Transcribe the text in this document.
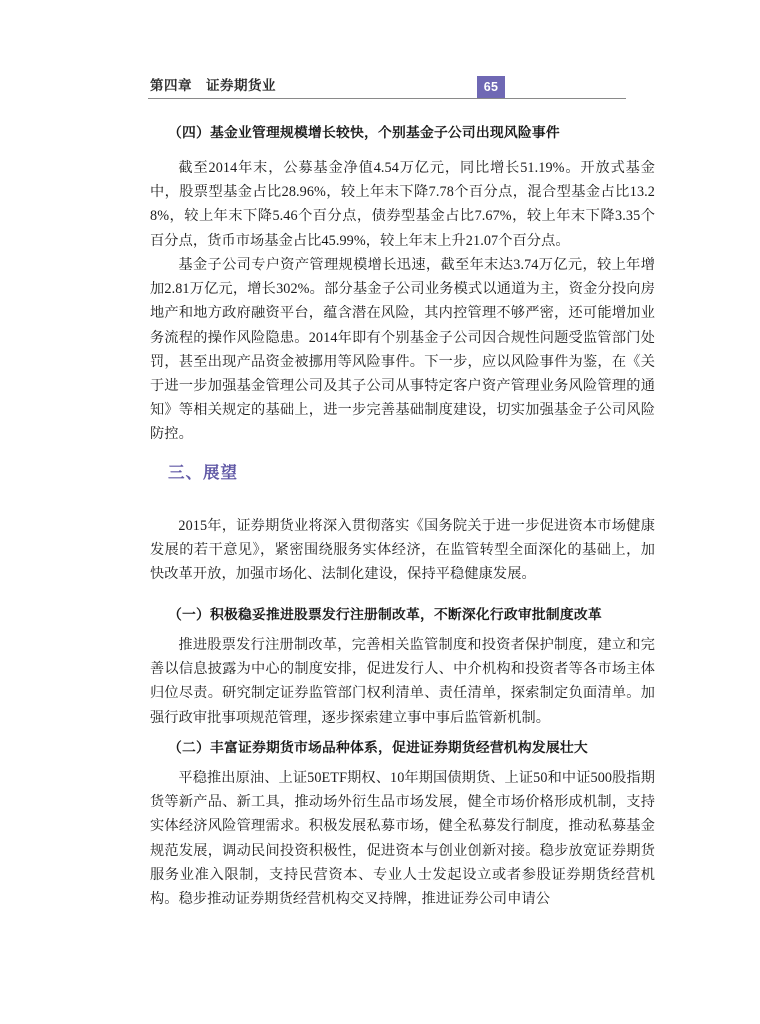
第四章 证券期货业	65
（四）基金业管理规模增长较快，个别基金子公司出现风险事件

截至2014年末，公募基金净值4.54万亿元，同比增长51.19%。开放式基金中，股票型基金占比28.96%，较上年末下降7.78个百分点，混合型基金占比13.28%，较上年末下降5.46个百分点，债券型基金占比7.67%，较上年末下降3.35个百分点，货币市场基金占比45.99%，较上年末上升21.07个百分点。

基金子公司专户资产管理规模增长迅速，截至年末达3.74万亿元，较上年增加2.81万亿元，增长302%。部分基金子公司业务模式以通道为主，资金分投向房地产和地方政府融资平台，蕴含潜在风险，其内控管理不够严密，还可能增加业务流程的操作风险隐患。2014年即有个别基金子公司因合规性问题受监管部门处罚，甚至出现产品资金被挪用等风险事件。下一步，应以风险事件为鉴，在《关于进一步加强基金管理公司及其子公司从事特定客户资产管理业务风险管理的通知》等相关规定的基础上，进一步完善基础制度建设，切实加强基金子公司风险防控。

三、展望

2015年，证券期货业将深入贯彻落实《国务院关于进一步促进资本市场健康发展的若干意见》，紧密围绕服务实体经济，在监管转型全面深化的基础上，加快改革开放，加强市场化、法制化建设，保持平稳健康发展。

（一）积极稳妥推进股票发行注册制改革，不断深化行政审批制度改革

推进股票发行注册制改革，完善相关监管制度和投资者保护制度，建立和完善以信息披露为中心的制度安排，促进发行人、中介机构和投资者等各市场主体归位尽责。研究制定证券监管部门权利清单、责任清单，探索制定负面清单。加强行政审批事项规范管理，逐步探索建立事中事后监管新机制。

（二）丰富证券期货市场品种体系，促进证券期货经营机构发展壮大

平稳推出原油、上证50ETF期权、10年期国债期货、上证50和中证500股指期货等新产品、新工具，推动场外衍生品市场发展，健全市场价格形成机制，支持实体经济风险管理需求。积极发展私募市场，健全私募发行制度，推动私募基金规范发展，调动民间投资积极性，促进资本与创业创新对接。稳步放宽证券期货服务业准入限制，支持民营资本、专业人士发起设立或者参股证券期货经营机构。稳步推动证券期货经营机构交叉持牌，推进证券公司申请公
